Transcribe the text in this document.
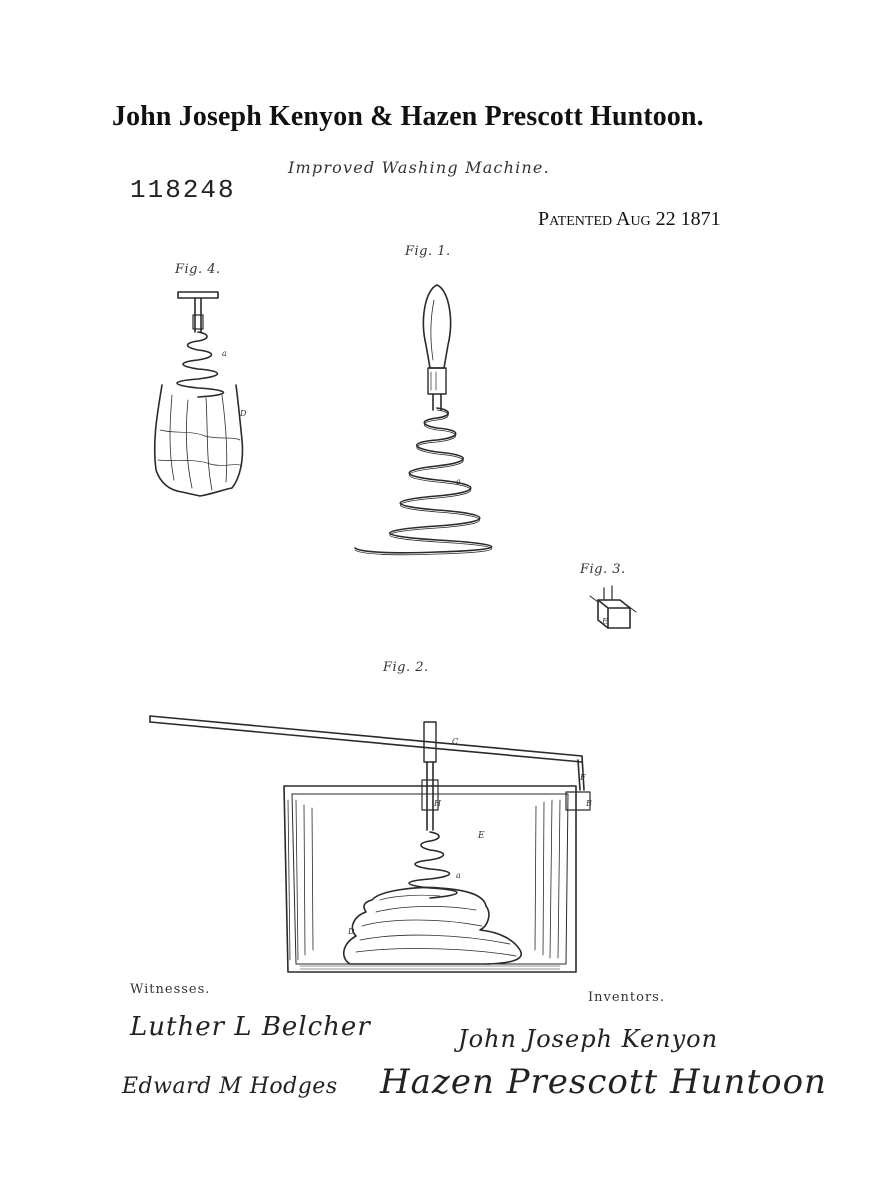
a
a
D
E
F
B
H
C
E
a
D
John Joseph Kenyon & Hazen Prescott Huntoon.
Improved Washing Machine.
118248
Patented Aug 22 1871
Fig. 4.
Fig. 1.
Fig. 3.
Fig. 2.
Witnesses.
Inventors.
Luther L Belcher
Edward M Hodges
John Joseph Kenyon
Hazen Prescott Huntoon
